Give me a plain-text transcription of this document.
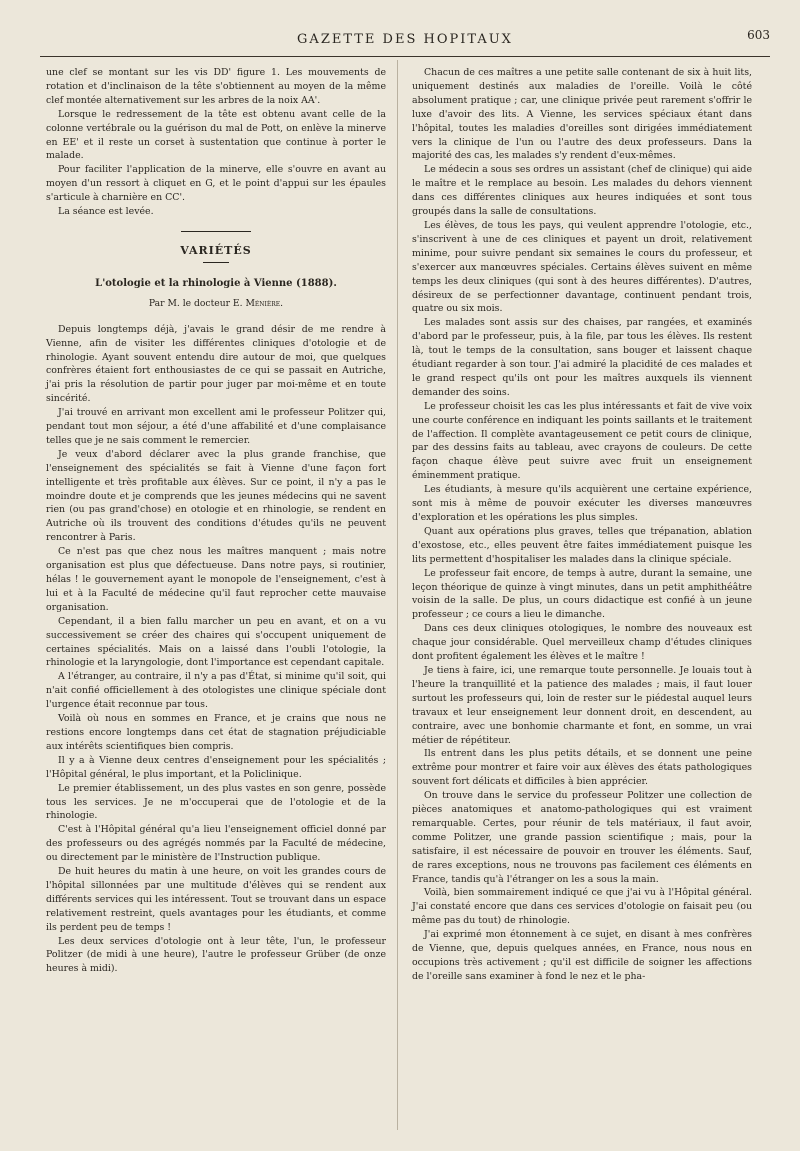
GAZETTE DES HOPITAUX	603

une clef se montant sur les vis DD' figure 1. Les mouvements de rotation et d'inclinaison de la tête s'obtiennent au moyen de la même clef montée alternativement sur les arbres de la noix AA'.

Lorsque le redressement de la tête est obtenu avant celle de la colonne vertébrale ou la guérison du mal de Pott, on enlève la minerve en EE' et il reste un corset à sustentation que continue à porter le malade.

Pour faciliter l'application de la minerve, elle s'ouvre en avant au moyen d'un ressort à cliquet en G, et le point d'appui sur les épaules s'articule à charnière en CC'.

La séance est levée.

VARIÉTÉS
L'otologie et la rhinologie à Vienne (1888).
Par M. le docteur E. Ménière.

Depuis longtemps déjà, j'avais le grand désir de me rendre à Vienne, afin de visiter les différentes cliniques d'otologie et de rhinologie. Ayant souvent entendu dire autour de moi, que quelques confrères étaient fort enthousiastes de ce qui se passait en Autriche, j'ai pris la résolution de partir pour juger par moi-même et en toute sincérité.

J'ai trouvé en arrivant mon excellent ami le professeur Politzer qui, pendant tout mon séjour, a été d'une affabilité et d'une complaisance telles que je ne sais comment le remercier.

Je veux d'abord déclarer avec la plus grande franchise, que l'enseignement des spécialités se fait à Vienne d'une façon fort intelligente et très profitable aux élèves. Sur ce point, il n'y a pas le moindre doute et je comprends que les jeunes médecins qui ne savent rien (ou pas grand'chose) en otologie et en rhinologie, se rendent en Autriche où ils trouvent des conditions d'études qu'ils ne peuvent rencontrer à Paris.

Ce n'est pas que chez nous les maîtres manquent ; mais notre organisation est plus que défectueuse. Dans notre pays, si routinier, hélas ! le gouvernement ayant le monopole de l'enseignement, c'est à lui et à la Faculté de médecine qu'il faut reprocher cette mauvaise organisation.

Cependant, il a bien fallu marcher un peu en avant, et on a vu successivement se créer des chaires qui s'occupent uniquement de certaines spécialités. Mais on a laissé dans l'oubli l'otologie, la rhinologie et la laryngologie, dont l'importance est cependant capitale.

A l'étranger, au contraire, il n'y a pas d'État, si minime qu'il soit, qui n'ait confié officiellement à des otologistes une clinique spéciale dont l'urgence était reconnue par tous.

Voilà où nous en sommes en France, et je crains que nous ne restions encore longtemps dans cet état de stagnation préjudiciable aux intérêts scientifiques bien compris.

Il y a à Vienne deux centres d'enseignement pour les spécialités ; l'Hôpital général, le plus important, et la Policlinique.

Le premier établissement, un des plus vastes en son genre, possède tous les services. Je ne m'occuperai que de l'otologie et de la rhinologie.

C'est à l'Hôpital général qu'a lieu l'enseignement officiel donné par des professeurs ou des agrégés nommés par la Faculté de médecine, ou directement par le ministère de l'Instruction publique.

De huit heures du matin à une heure, on voit les grandes cours de l'hôpital sillonnées par une multitude d'élèves qui se rendent aux différents services qui les intéressent. Tout se trouvant dans un espace relativement restreint, quels avantages pour les étudiants, et comme ils perdent peu de temps !

Les deux services d'otologie ont à leur tête, l'un, le professeur Politzer (de midi à une heure), l'autre le professeur Grüber (de onze heures à midi).

Chacun de ces maîtres a une petite salle contenant de six à huit lits, uniquement destinés aux maladies de l'oreille. Voilà le côté absolument pratique ; car, une clinique privée peut rarement s'offrir le luxe d'avoir des lits. A Vienne, les services spéciaux étant dans l'hôpital, toutes les maladies d'oreilles sont dirigées immédiatement vers la clinique de l'un ou l'autre des deux professeurs. Dans la majorité des cas, les malades s'y rendent d'eux-mêmes.

Le médecin a sous ses ordres un assistant (chef de clinique) qui aide le maître et le remplace au besoin. Les malades du dehors viennent dans ces différentes cliniques aux heures indiquées et sont tous groupés dans la salle de consultations.

Les élèves, de tous les pays, qui veulent apprendre l'otologie, etc., s'inscrivent à une de ces cliniques et payent un droit, relativement minime, pour suivre pendant six semaines le cours du professeur, et s'exercer aux manœuvres spéciales. Certains élèves suivent en même temps les deux cliniques (qui sont à des heures différentes). D'autres, désireux de se perfectionner davantage, continuent pendant trois, quatre ou six mois.

Les malades sont assis sur des chaises, par rangées, et examinés d'abord par le professeur, puis, à la file, par tous les élèves. Ils restent là, tout le temps de la consultation, sans bouger et laissent chaque étudiant regarder à son tour. J'ai admiré la placidité de ces malades et le grand respect qu'ils ont pour les maîtres auxquels ils viennent demander des soins.

Le professeur choisit les cas les plus intéressants et fait de vive voix une courte conférence en indiquant les points saillants et le traitement de l'affection. Il complète avantageusement ce petit cours de clinique, par des dessins faits au tableau, avec crayons de couleurs. De cette façon chaque élève peut suivre avec fruit un enseignement éminemment pratique.

Les étudiants, à mesure qu'ils acquièrent une certaine expérience, sont mis à même de pouvoir exécuter les diverses manœuvres d'exploration et les opérations les plus simples.

Quant aux opérations plus graves, telles que trépanation, ablation d'exostose, etc., elles peuvent être faites immédiatement puisque les lits permettent d'hospitaliser les malades dans la clinique spéciale.

Le professeur fait encore, de temps à autre, durant la semaine, une leçon théorique de quinze à vingt minutes, dans un petit amphithéâtre voisin de la salle. De plus, un cours didactique est confié à un jeune professeur ; ce cours a lieu le dimanche.

Dans ces deux cliniques otologiques, le nombre des nouveaux est chaque jour considérable. Quel merveilleux champ d'études cliniques dont profitent également les élèves et le maître !

Je tiens à faire, ici, une remarque toute personnelle. Je louais tout à l'heure la tranquillité et la patience des malades ; mais, il faut louer surtout les professeurs qui, loin de rester sur le piédestal auquel leurs travaux et leur enseignement leur donnent droit, en descendent, au contraire, avec une bonhomie charmante et font, en somme, un vrai métier de répétiteur.

Ils entrent dans les plus petits détails, et se donnent une peine extrême pour montrer et faire voir aux élèves des états pathologiques souvent fort délicats et difficiles à bien apprécier.

On trouve dans le service du professeur Politzer une collection de pièces anatomiques et anatomo-pathologiques qui est vraiment remarquable. Certes, pour réunir de tels matériaux, il faut avoir, comme Politzer, une grande passion scientifique ; mais, pour la satisfaire, il est nécessaire de pouvoir en trouver les éléments. Sauf, de rares exceptions, nous ne trouvons pas facilement ces éléments en France, tandis qu'à l'étranger on les a sous la main.

Voilà, bien sommairement indiqué ce que j'ai vu à l'Hôpital général. J'ai constaté encore que dans ces services d'otologie on faisait peu (ou même pas du tout) de rhinologie.

J'ai exprimé mon étonnement à ce sujet, en disant à mes confrères de Vienne, que, depuis quelques années, en France, nous nous en occupions très activement ; qu'il est difficile de soigner les affections de l'oreille sans examiner à fond le nez et le pha-
